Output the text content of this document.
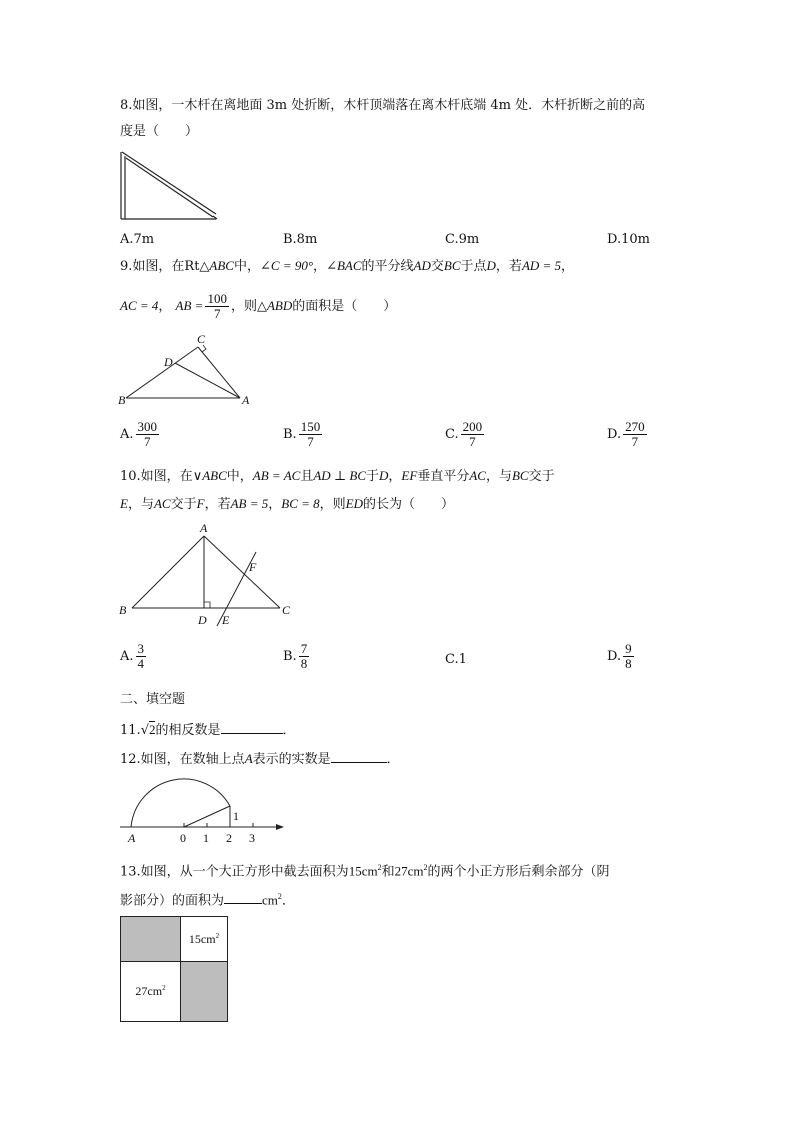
8.如图，一木杆在离地面 3m 处折断，木杆顶端落在离木杆底端 4m 处．木杆折断之前的高
度是（　　）
A.7m	B.8m	C.9m	D.10m
9.如图，在Rt△ABC中，∠C = 90°，∠BAC的平分线AD交BC于点D，若AD = 5，
AC = 4， AB = $\frac{100}{7}$ ，则△ABD的面积是（　　）
C
D
B	A
A. $\frac{300}{7}$	B. $\frac{150}{7}$	C. $\frac{200}{7}$	D. $\frac{270}{7}$
10.如图，在∨ABC中，AB = AC且AD ⊥ BC于D，EF垂直平分AC，与BC交于
E，与AC交于F，若AB = 5，BC = 8，则ED的长为（　　）
A
B	C
D E
F
A. $\frac{3}{4}$	B. $\frac{7}{8}$	C.1	D. $\frac{9}{8}$
二、填空题
11.√2的相反数是	．
12.如图，在数轴上点A表示的实数是	．
A	0 1 2 3
1
13.如图，从一个大正方形中截去面积为$15cm^2$和$27cm^2$的两个小正方形后剩余部分（阴
影部分）的面积为	$cm^2$．
$15cm^2$
$27cm^2$
